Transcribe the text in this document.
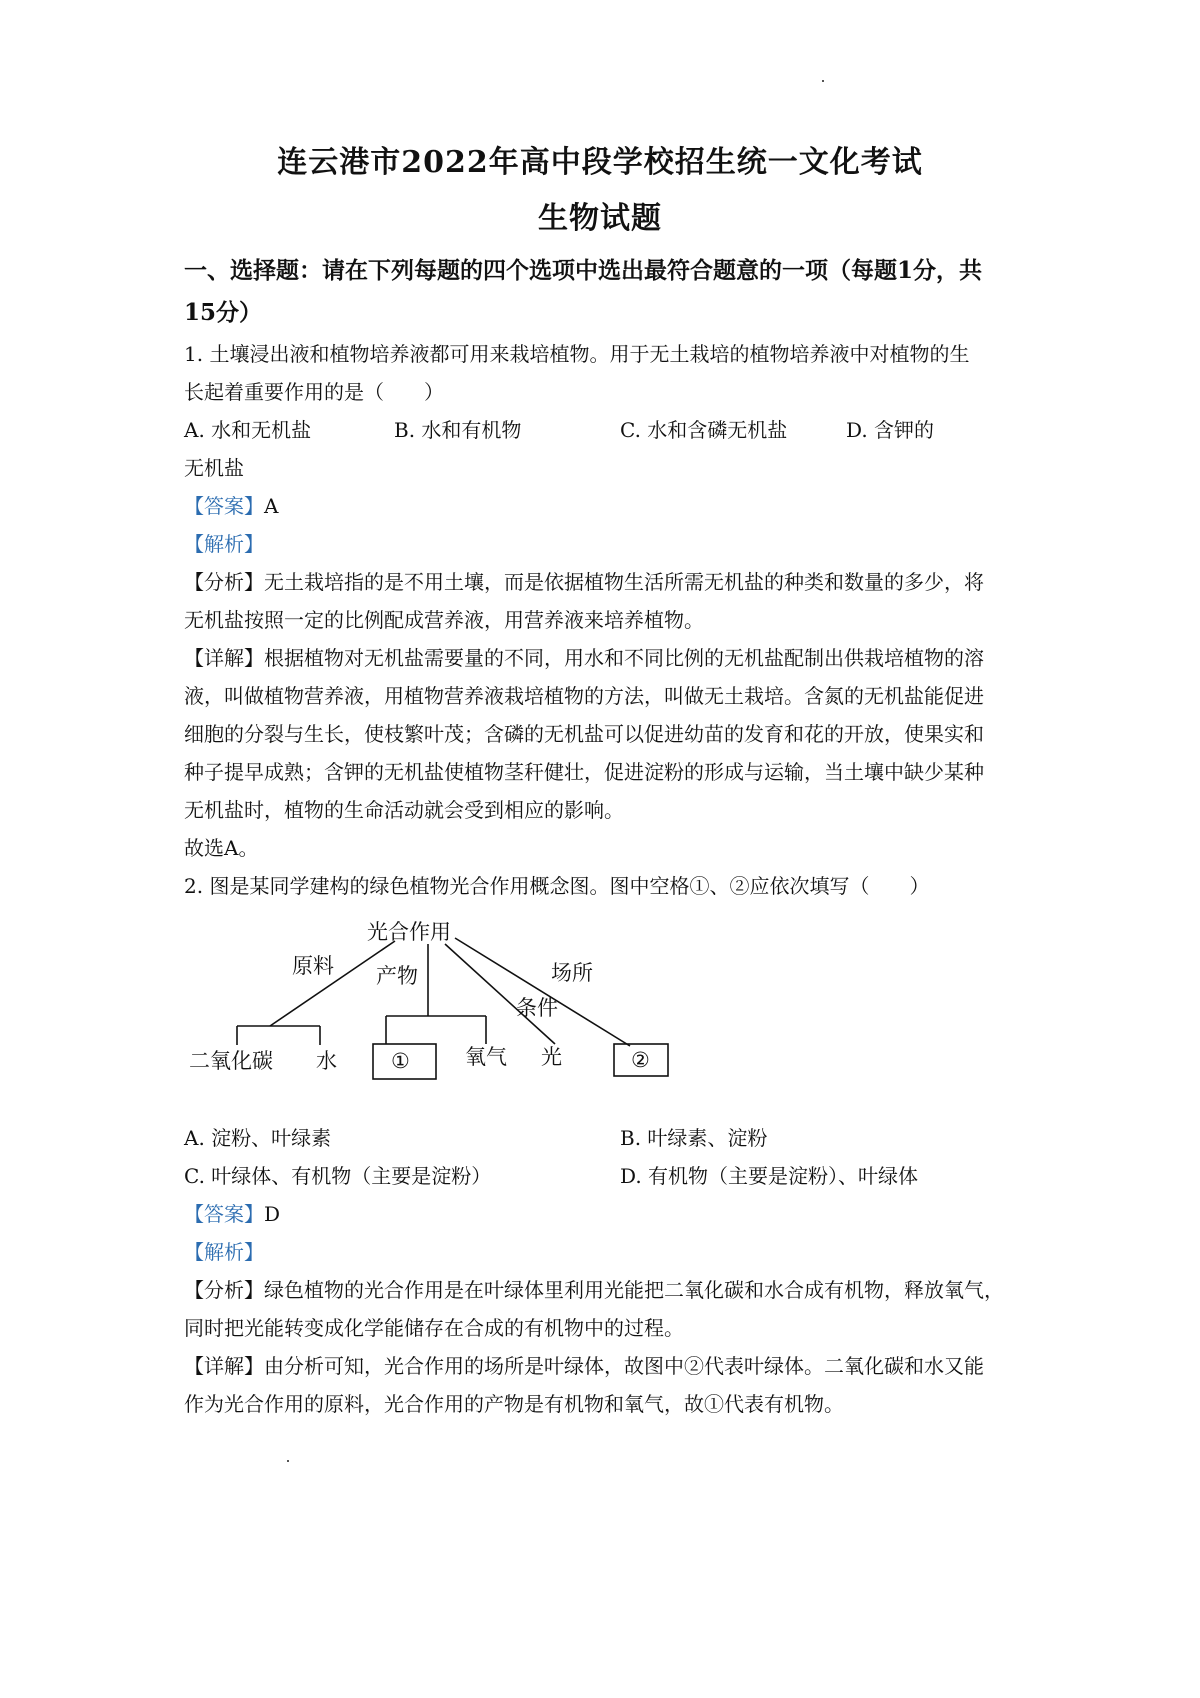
连云港市2022年高中段学校招生统一文化考试
生物试题
一、选择题：请在下列每题的四个选项中选出最符合题意的一项（每题1分，共
15分）
1. 土壤浸出液和植物培养液都可用来栽培植物。用于无土栽培的植物培养液中对植物的生
长起着重要作用的是（　　）
A. 水和无机盐	B. 水和有机物	C. 水和含磷无机盐	D. 含钾的
无机盐
【答案】A
【解析】
【分析】无土栽培指的是不用土壤，而是依据植物生活所需无机盐的种类和数量的多少，将
无机盐按照一定的比例配成营养液，用营养液来培养植物。
【详解】根据植物对无机盐需要量的不同，用水和不同比例的无机盐配制出供栽培植物的溶
液，叫做植物营养液，用植物营养液栽培植物的方法，叫做无土栽培。含氮的无机盐能促进
细胞的分裂与生长，使枝繁叶茂；含磷的无机盐可以促进幼苗的发育和花的开放，使果实和
种子提早成熟；含钾的无机盐使植物茎秆健壮，促进淀粉的形成与运输，当土壤中缺少某种
无机盐时，植物的生命活动就会受到相应的影响。
故选A。
2. 图是某同学建构的绿色植物光合作用概念图。图中空格①、②应依次填写（　　）
光合作用
原料 产物
条件
场所
二氧化碳 水	①	氧气 光	②
A. 淀粉、叶绿素	B. 叶绿素、淀粉
C. 叶绿体、有机物（主要是淀粉）	D. 有机物（主要是淀粉）、叶绿体
【答案】D
【解析】
【分析】绿色植物的光合作用是在叶绿体里利用光能把二氧化碳和水合成有机物，释放氧气，
同时把光能转变成化学能储存在合成的有机物中的过程。
【详解】由分析可知，光合作用的场所是叶绿体，故图中②代表叶绿体。二氧化碳和水又能
作为光合作用的原料，光合作用的产物是有机物和氧气，故①代表有机物。
